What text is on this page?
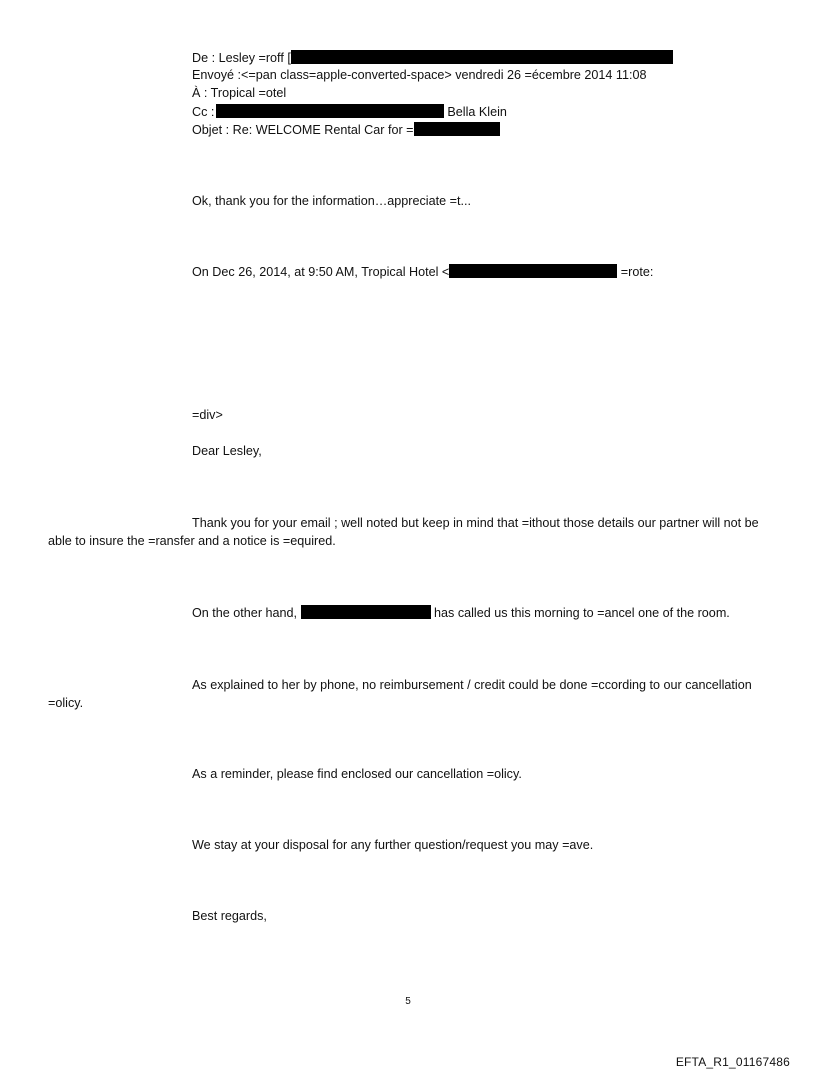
De : Lesley =roff [
Envoyé :<=pan class=apple-converted-space> vendredi 26 =écembre 2014 11:08
À : Tropical =otel
Cc :	Bella Klein
Objet : Re: WELCOME Rental Car for =
Ok, thank you for the information…appreciate =t...
On Dec 26, 2014, at 9:50 AM, Tropical Hotel <	=rote:
=div>
Dear Lesley,
Thank you for your email ; well noted but keep in mind that =ithout those details our partner will not be able to insure the =ransfer and a notice is =equired.
On the other hand,	has called us this morning to =ancel one of the room.
As explained to her by phone, no reimbursement / credit could be done =ccording to our cancellation =olicy.
As a reminder, please find enclosed our cancellation =olicy.
We stay at your disposal for any further question/request you may =ave.
Best regards,
5
EFTA_R1_01167486
